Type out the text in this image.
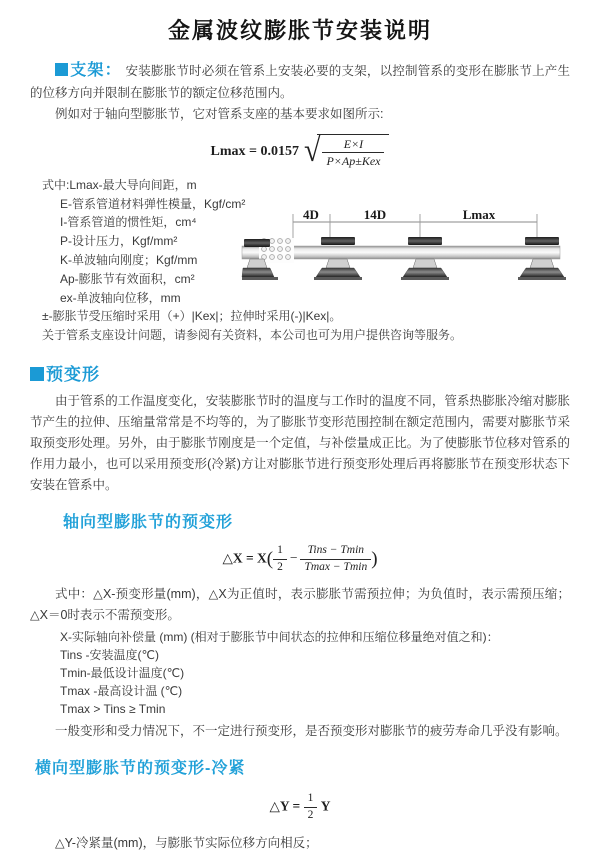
金属波纹膨胀节安装说明

支架： 安装膨胀节时必须在管系上安装必要的支架，以控制管系的变形在膨胀节上产生的位移方向并限制在膨胀节的额定位移范围内。

例如对于轴向型膨胀节，它对管系支座的基本要求如图所示:

Lmax = 0.0157 √ $\frac{E\times I}{\text{P×Ap±Kex}}$
式中:Lmax-最大导向间距，m
E-管系管道材料弹性模量，Kgf/cm²
I-管系管道的惯性矩，cm⁴
P-设计压力，Kgf/mm²
K-单波轴向刚度；Kgf/mm
Ap-膨胀节有效面积，cm²
ex-单波轴向位移，mm
±-膨胀节受压缩时采用（+）|Kex|；拉伸时采用(-)|Kex|。
关于管系支座设计问题，请参阅有关资料，本公司也可为用户提供咨询等服务。
4D	14D	Lmax
预变形

由于管系的工作温度变化，安装膨胀节时的温度与工作时的温度不同，管系热膨胀冷缩对膨胀节产生的拉伸、压缩量常常是不均等的，为了膨胀节变形范围控制在额定范围内，需要对膨胀节采取预变形处理。另外，由于膨胀节刚度是一个定值，与补偿量成正比。为了使膨胀节位移对管系的作用力最小，也可以采用预变形(冷紧)方让对膨胀节进行预变形处理后再将膨胀节在预变形状态下安装在管系中。

轴向型膨胀节的预变形
△X = $X( \frac{1}{2} - \frac{\text{Tins − Tmin}}{Tmax - Tmin}$ )

式中：△X-预变形量(mm)，△X为正值时，表示膨胀节需预拉伸；为负值时，表示需预压缩；△X＝0时表示不需预变形。

X-实际轴向补偿量 (mm) (相对于膨胀节中间状态的拉伸和压缩位移量绝对值之和)：
Tins -安装温度(℃)
Tmin-最低设计温度(℃)
Tmax -最高设计温 (℃)
Tmax > Tins ≥ Tmin

一般变形和受力情况下，不一定进行预变形，是否预变形对膨胀节的疲劳寿命几乎没有影响。

横向型膨胀节的预变形-冷紧
△Y = $\frac{1}{2}$ Y

△Y-冷紧量(mm)，与膨胀节实际位移方向相反；
